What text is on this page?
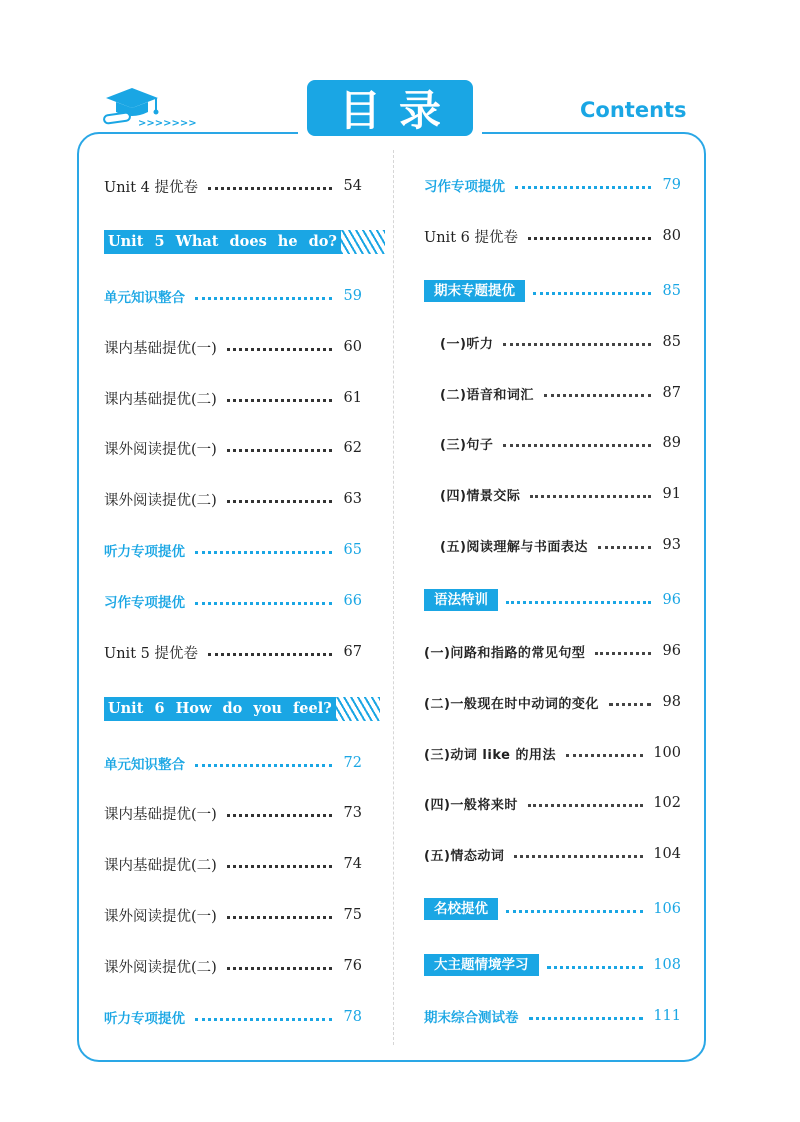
>>>>>>>	目录	Contents
Unit 4 提优卷	54
Unit 5 What does he do?
单元知识整合	59
课内基础提优(一)	60
课内基础提优(二)	61
课外阅读提优(一)	62
课外阅读提优(二)	63
听力专项提优	65
习作专项提优	66
Unit 5 提优卷	67
Unit 6 How do you feel?
单元知识整合	72
课内基础提优(一)	73
课内基础提优(二)	74
课外阅读提优(一)	75
课外阅读提优(二)	76
听力专项提优	78
习作专项提优	79
Unit 6 提优卷	80
期末专题提优	85
(一)听力	85
(二)语音和词汇	87
(三)句子	89
(四)情景交际	91
(五)阅读理解与书面表达	93
语法特训	96
(一)问路和指路的常见句型	96
(二)一般现在时中动词的变化	98
(三)动词 like 的用法	100
(四)一般将来时	102
(五)情态动词	104
名校提优	106
大主题情境学习	108
期末综合测试卷	111
